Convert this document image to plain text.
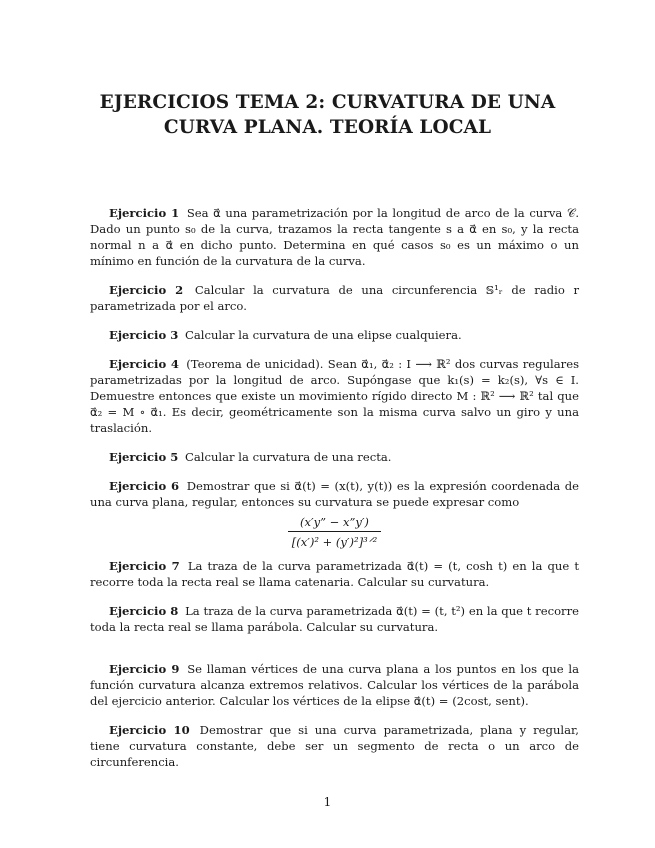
EJERCICIOS TEMA 2: CURVATURA DE UNA
CURVA PLANA. TEORÍA LOCAL

Ejercicio 1 Sea α⃗ una parametrización por la longitud de arco de la curva 𝒞. Dado un punto s₀ de la curva, trazamos la recta tangente s a α⃗ en s₀, y la recta normal n a α⃗ en dicho punto. Determina en qué casos s₀ es un máximo o un mínimo en función de la curvatura de la curva.

Ejercicio 2 Calcular la curvatura de una circunferencia 𝕊¹ᵣ de radio r parametrizada por el arco.

Ejercicio 3 Calcular la curvatura de una elipse cualquiera.

Ejercicio 4 (Teorema de unicidad). Sean α⃗₁, α⃗₂ : I ⟶ ℝ² dos curvas regulares parametrizadas por la longitud de arco. Supóngase que k₁(s) = k₂(s), ∀s ∈ I. Demuestre entonces que existe un movimiento rígido directo M : ℝ² ⟶ ℝ² tal que α⃗₂ = M ∘ α⃗₁. Es decir, geométricamente son la misma curva salvo un giro y una traslación.

Ejercicio 5 Calcular la curvatura de una recta.

Ejercicio 6 Demostrar que si α⃗(t) = (x(t), y(t)) es la expresión coordenada de una curva plana, regular, entonces su curvatura se puede expresar como

$\frac{(x'y” - x”y')}{\text{[(x′)² + (y′)²]³ᐟ²}}$

Ejercicio 7 La traza de la curva parametrizada α⃗(t) = (t, cosh t) en la que t recorre toda la recta real se llama catenaria. Calcular su curvatura.

Ejercicio 8 La traza de la curva parametrizada α⃗(t) = (t, t²) en la que t recorre toda la recta real se llama parábola. Calcular su curvatura.

Ejercicio 9 Se llaman vértices de una curva plana a los puntos en los que la función curvatura alcanza extremos relativos. Calcular los vértices de la parábola del ejercicio anterior. Calcular los vértices de la elipse α⃗(t) = (2cost, sent).

Ejercicio 10 Demostrar que si una curva parametrizada, plana y regular, tiene curvatura constante, debe ser un segmento de recta o un arco de circunferencia.

1
